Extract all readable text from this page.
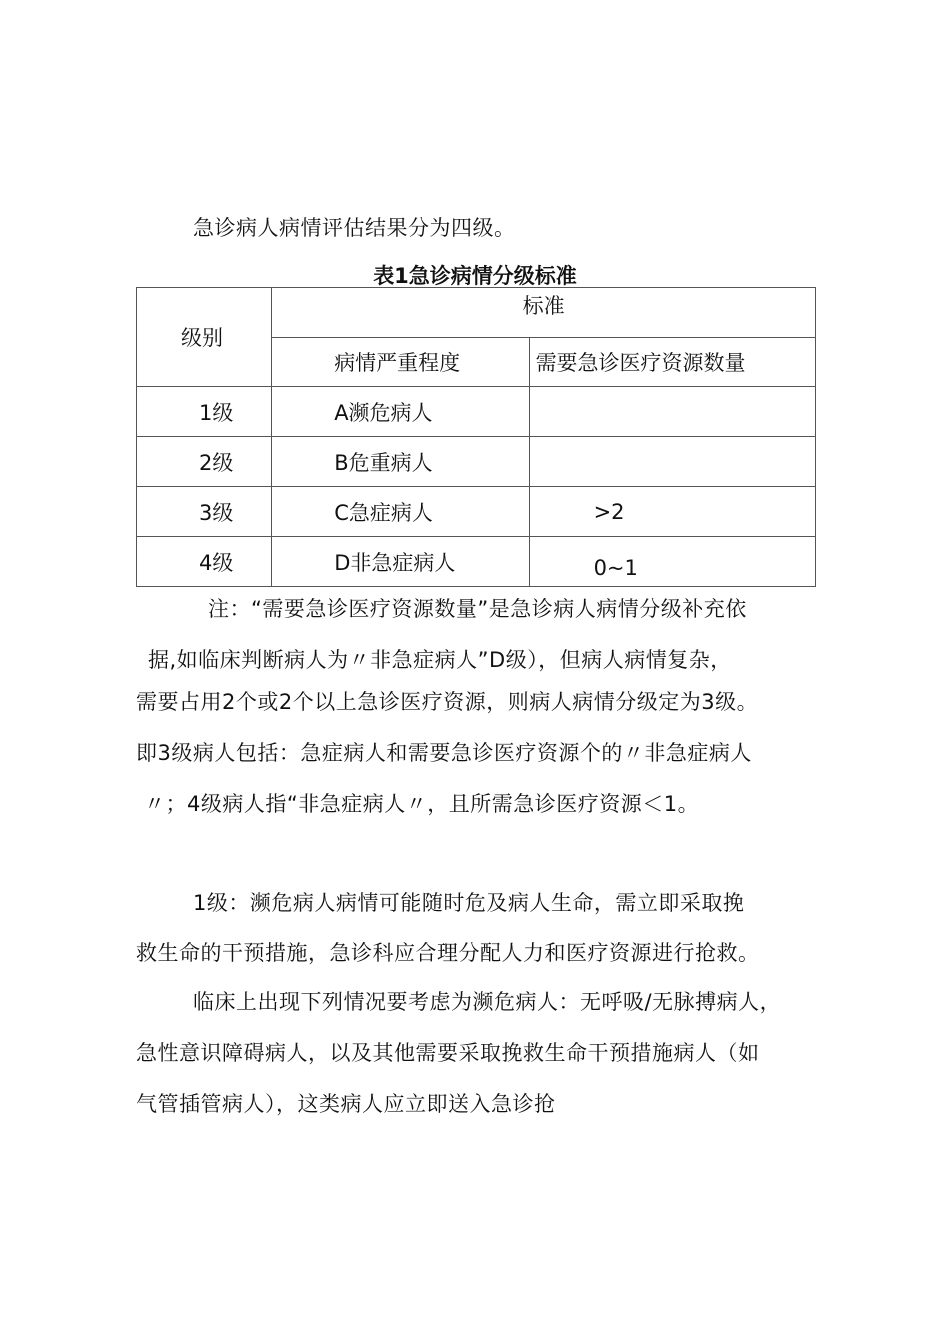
急诊病人病情评估结果分为四级。
表1急诊病情分级标准
级别	标准	
	病情严重程度	需要急诊医疗资源数量
1级	A濒危病人	
2级	B危重病人	
3级	C急症病人	>2
4级	D非急症病人	0~1
注：“需要急诊医疗资源数量”是急诊病人病情分级补充依
据,如临床判断病人为〃非急症病人”D级），但病人病情复杂，
需要占用2个或2个以上急诊医疗资源，则病人病情分级定为3级。
即3级病人包括：急症病人和需要急诊医疗资源个的〃非急症病人
〃；4级病人指“非急症病人〃，且所需急诊医疗资源＜1。
1级：濒危病人病情可能随时危及病人生命，需立即采取挽
救生命的干预措施，急诊科应合理分配人力和医疗资源进行抢救。
临床上出现下列情况要考虑为濒危病人：无呼吸/无脉搏病人，
急性意识障碍病人，以及其他需要采取挽救生命干预措施病人（如
气管插管病人），这类病人应立即送入急诊抢
